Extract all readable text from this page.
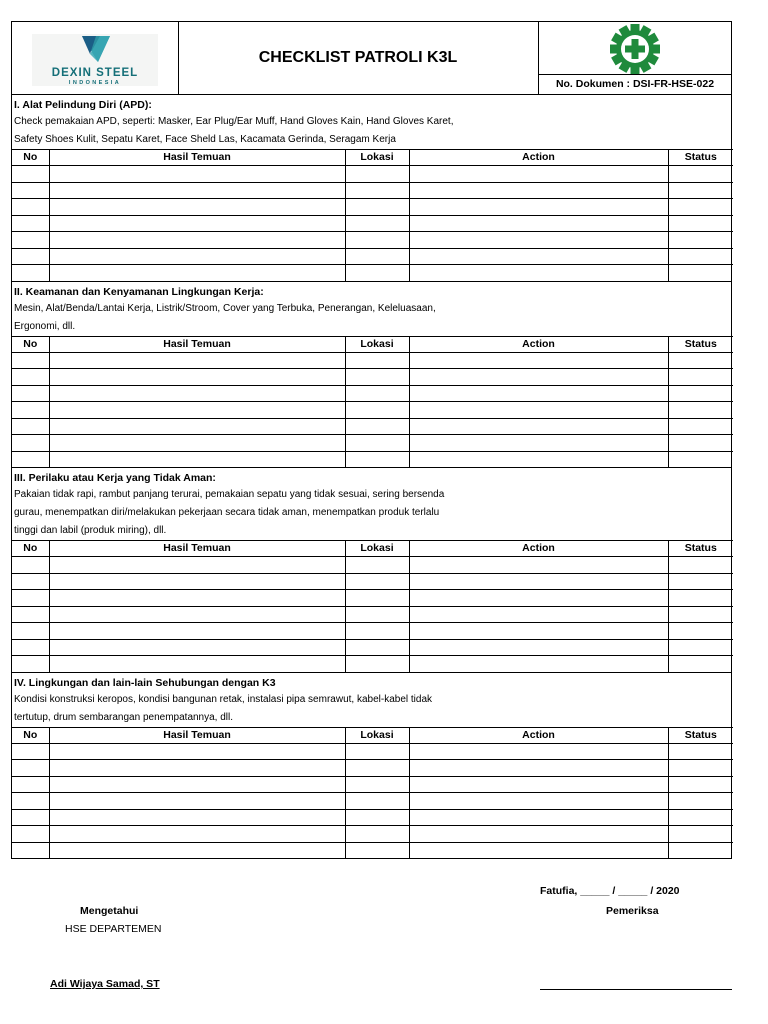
DEXIN STEEL
INDONESIA
CHECKLIST PATROLI K3L
No. Dokumen : DSI-FR-HSE-022
I. Alat Pelindung Diri (APD):
Check pemakaian APD, seperti: Masker, Ear Plug/Ear Muff, Hand Gloves Kain, Hand Gloves Karet,
Safety Shoes Kulit, Sepatu Karet, Face Sheld Las, Kacamata Gerinda, Seragam Kerja
No	Hasil Temuan	Lokasi	Action	Status

II. Keamanan dan Kenyamanan Lingkungan Kerja:
Mesin, Alat/Benda/Lantai Kerja, Listrik/Stroom, Cover yang Terbuka, Penerangan, Keleluasaan,
Ergonomi, dll.
No	Hasil Temuan	Lokasi	Action	Status

III. Perilaku atau Kerja yang Tidak Aman:
Pakaian tidak rapi, rambut panjang terurai, pemakaian sepatu yang tidak sesuai, sering bersenda
gurau, menempatkan diri/melakukan pekerjaan secara tidak aman, menempatkan produk terlalu
tinggi dan labil (produk miring), dll.
No	Hasil Temuan	Lokasi	Action	Status

IV. Lingkungan dan lain-lain Sehubungan dengan K3
Kondisi konstruksi keropos, kondisi bangunan retak, instalasi pipa semrawut, kabel-kabel tidak
tertutup, drum sembarangan penempatannya, dll.
No	Hasil Temuan	Lokasi	Action	Status

Fatufia, _____ / _____ / 2020
Mengetahui	Pemeriksa
HSE DEPARTEMEN
Adi Wijaya Samad, ST
